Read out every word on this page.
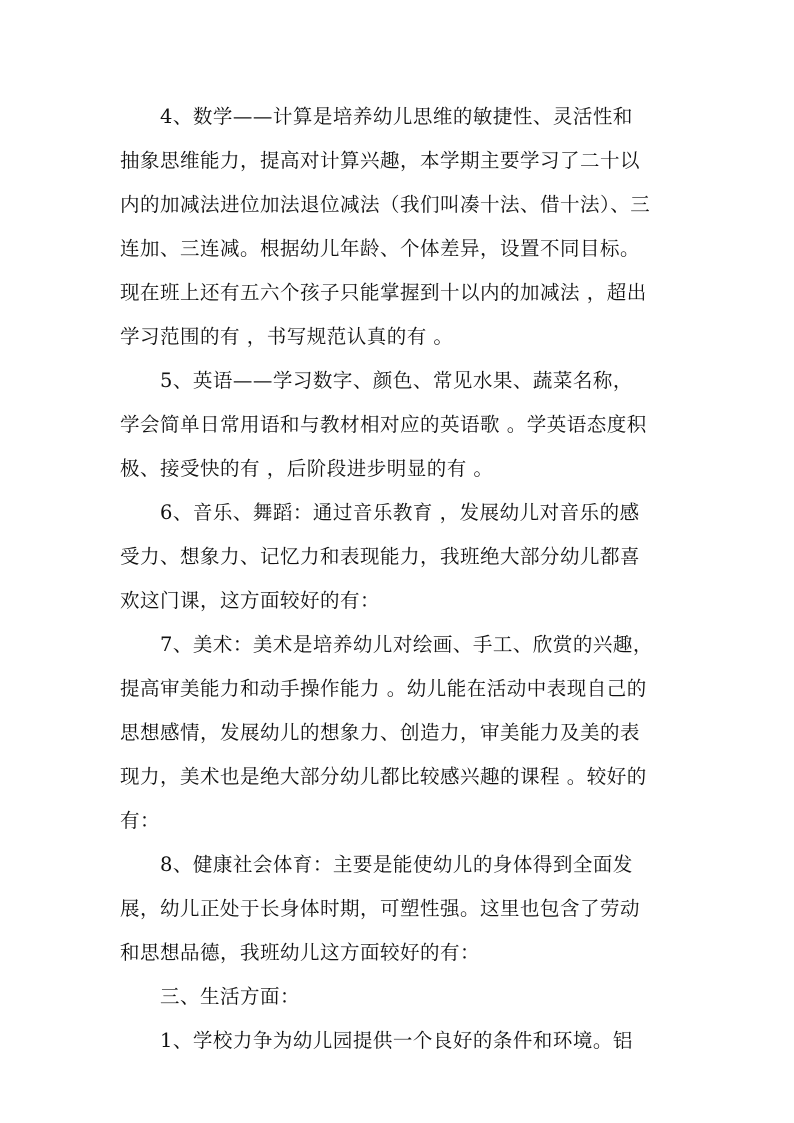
4、数学——计算是培养幼儿思维的敏捷性、灵活性和
抽象思维能力，提高对计算兴趣，本学期主要学习了二十以
内的加减法进位加法退位减法（我们叫凑十法、借十法）、三
连加、三连减。根据幼儿年龄、个体差异，设置不同目标。
现在班上还有五六个孩子只能掌握到十以内的加减法 ，超出
学习范围的有 ，书写规范认真的有 。
5、英语——学习数字、颜色、常见水果、蔬菜名称，
学会简单日常用语和与教材相对应的英语歌 。学英语态度积
极、接受快的有 ，后阶段进步明显的有 。
6、音乐、舞蹈：通过音乐教育 ，发展幼儿对音乐的感
受力、想象力、记忆力和表现能力，我班绝大部分幼儿都喜
欢这门课，这方面较好的有：
7、美术：美术是培养幼儿对绘画、手工、欣赏的兴趣，
提高审美能力和动手操作能力 。幼儿能在活动中表现自己的
思想感情，发展幼儿的想象力、创造力，审美能力及美的表
现力，美术也是绝大部分幼儿都比较感兴趣的课程 。较好的
有：
8、健康社会体育：主要是能使幼儿的身体得到全面发
展，幼儿正处于长身体时期，可塑性强。这里也包含了劳动
和思想品德，我班幼儿这方面较好的有：
三、生活方面：
1、学校力争为幼儿园提供一个良好的条件和环境。铝
